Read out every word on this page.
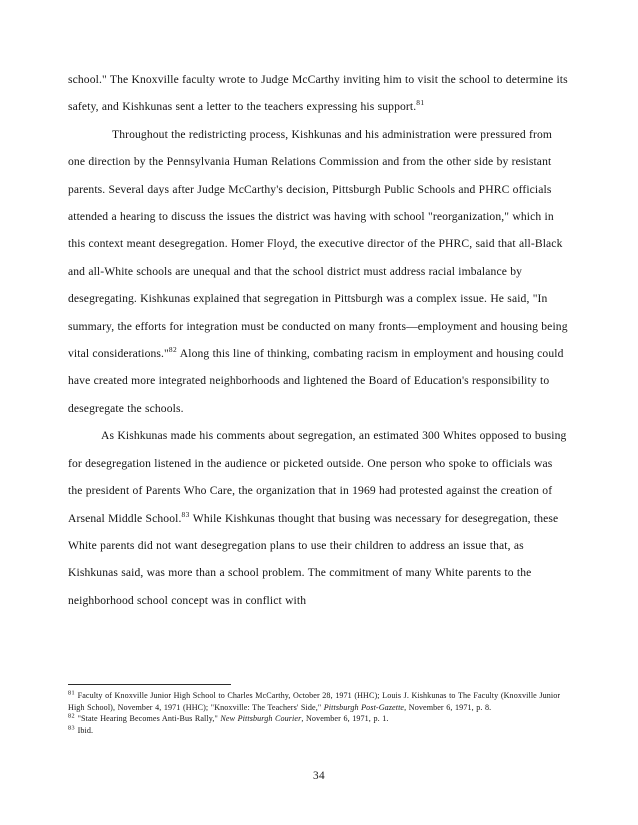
school." The Knoxville faculty wrote to Judge McCarthy inviting him to visit the school to determine its safety, and Kishkunas sent a letter to the teachers expressing his support.$^{81}$

Throughout the redistricting process, Kishkunas and his administration were pressured from one direction by the Pennsylvania Human Relations Commission and from the other side by resistant parents. Several days after Judge McCarthy's decision, Pittsburgh Public Schools and PHRC officials attended a hearing to discuss the issues the district was having with school "reorganization," which in this context meant desegregation. Homer Floyd, the executive director of the PHRC, said that all-Black and all-White schools are unequal and that the school district must address racial imbalance by desegregating. Kishkunas explained that segregation in Pittsburgh was a complex issue. He said, "In summary, the efforts for integration must be conducted on many fronts—employment and housing being vital considerations."$^{82}$ Along this line of thinking, combating racism in employment and housing could have created more integrated neighborhoods and lightened the Board of Education's responsibility to desegregate the schools.

As Kishkunas made his comments about segregation, an estimated 300 Whites opposed to busing for desegregation listened in the audience or picketed outside. One person who spoke to officials was the president of Parents Who Care, the organization that in 1969 had protested against the creation of Arsenal Middle School.$^{83}$ While Kishkunas thought that busing was necessary for desegregation, these White parents did not want desegregation plans to use their children to address an issue that, as Kishkunas said, was more than a school problem. The commitment of many White parents to the neighborhood school concept was in conflict with

$^{81}$ Faculty of Knoxville Junior High School to Charles McCarthy, October 28, 1971 (HHC); Louis J. Kishkunas to The Faculty (Knoxville Junior High School), November 4, 1971 (HHC); "Knoxville: The Teachers' Side," Pittsburgh Post-Gazette, November 6, 1971, p. 8.

$^{82}$ "State Hearing Becomes Anti-Bus Rally," New Pittsburgh Courier, November 6, 1971, p. 1.

$^{83}$ Ibid.

34
